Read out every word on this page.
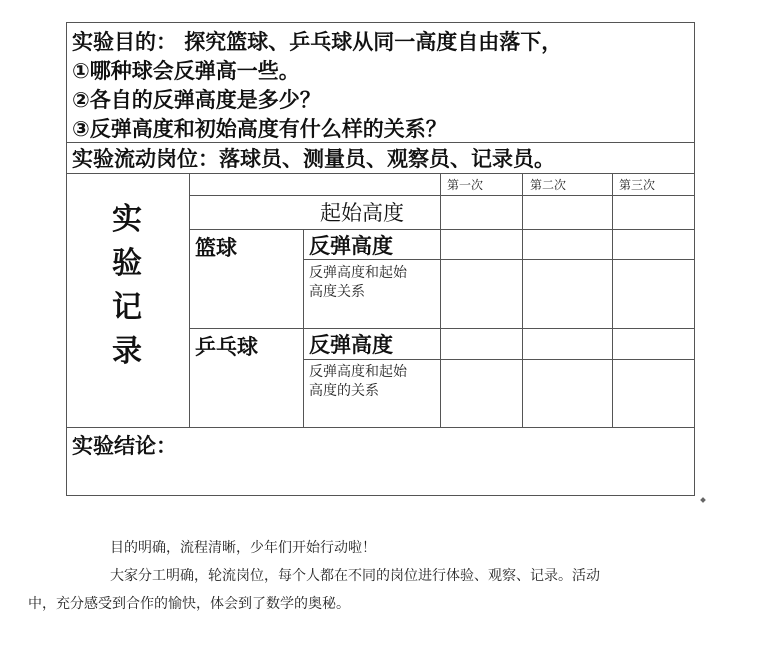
实验目的： 探究篮球、乒乓球从同一高度自由落下，
①哪种球会反弹高一些。
②各自的反弹高度是多少？
③反弹高度和初始高度有什么样的关系？
实验流动岗位：落球员、测量员、观察员、记录员。
实
验
记
录
第一次	第二次	第三次
起始高度
篮球	反弹高度
反弹高度和起始
高度关系
乒乓球 反弹高度
反弹高度和起始
高度的关系
实验结论：
目的明确，流程清晰，少年们开始行动啦！
大家分工明确，轮流岗位，每个人都在不同的岗位进行体验、观察、记录。活动
中，充分感受到合作的愉快，体会到了数学的奥秘。
